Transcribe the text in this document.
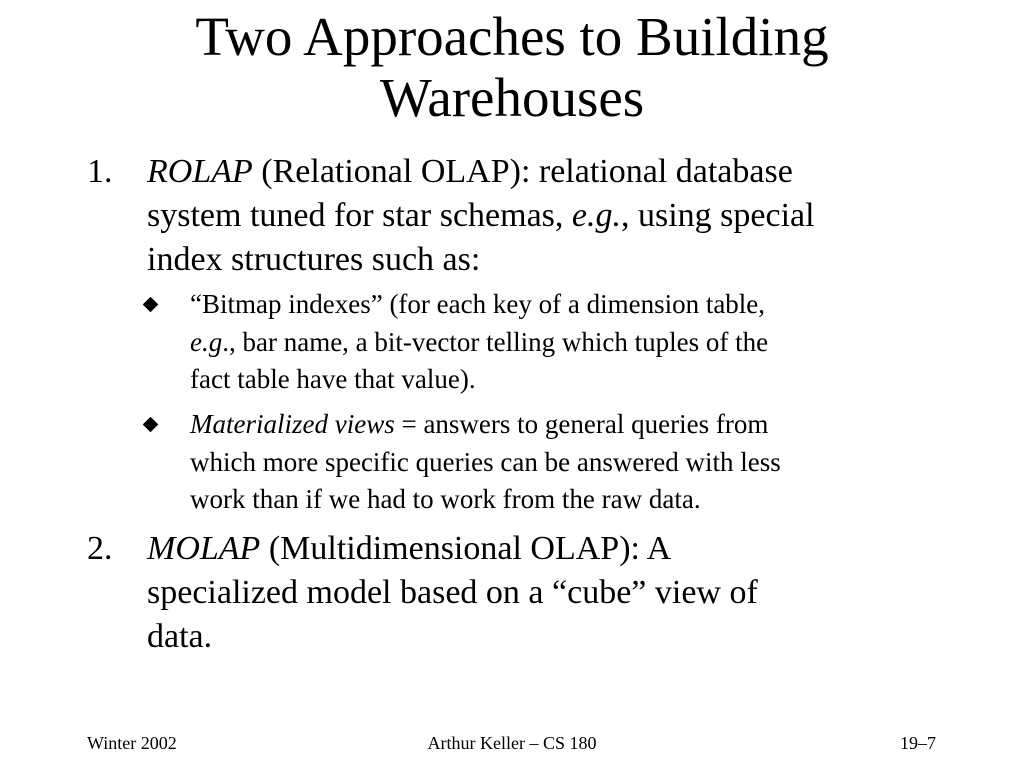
Two Approaches to Building
Warehouses
1. ROLAP (Relational OLAP): relational database
system tuned for star schemas, e.g., using special
index structures such as:
“Bitmap indexes” (for each key of a dimension table,
e.g., bar name, a bit-vector telling which tuples of the
fact table have that value).
Materialized views = answers to general queries from
which more specific queries can be answered with less
work than if we had to work from the raw data.
2. MOLAP (Multidimensional OLAP): A
specialized model based on a “cube” view of
data.
Winter 2002	Arthur Keller – CS 180	19–7
